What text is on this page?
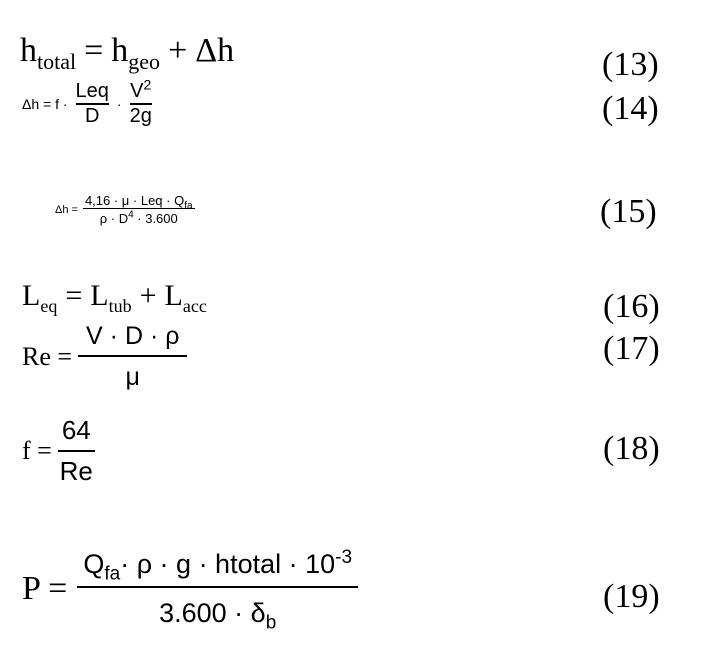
$h_{total} = h_{geo} + \Delta h$	(13)
$\Delta h = f \cdot \frac{\text{Leq}}{D} \cdot \frac{V^2}{2g}$	(14)
$\Delta h = \frac{4,16 \cdot \mu \cdot Leq \cdot Q_{fa}}{\rho \cdot D^4 \cdot 3.600}$	(15)
$L_{eq} = L_{tub} + L_{acc}$	(16)
$Re = \frac{V \cdot D \cdot \rho}{\mu}$	(17)
$f = \frac{64}{Re}$	(18)
$P = \frac{Q_{fa}\cdot \rho \cdot g \cdot htotal \cdot 10^{-3}}{3.600 \cdot \delta_b}$	(19)
